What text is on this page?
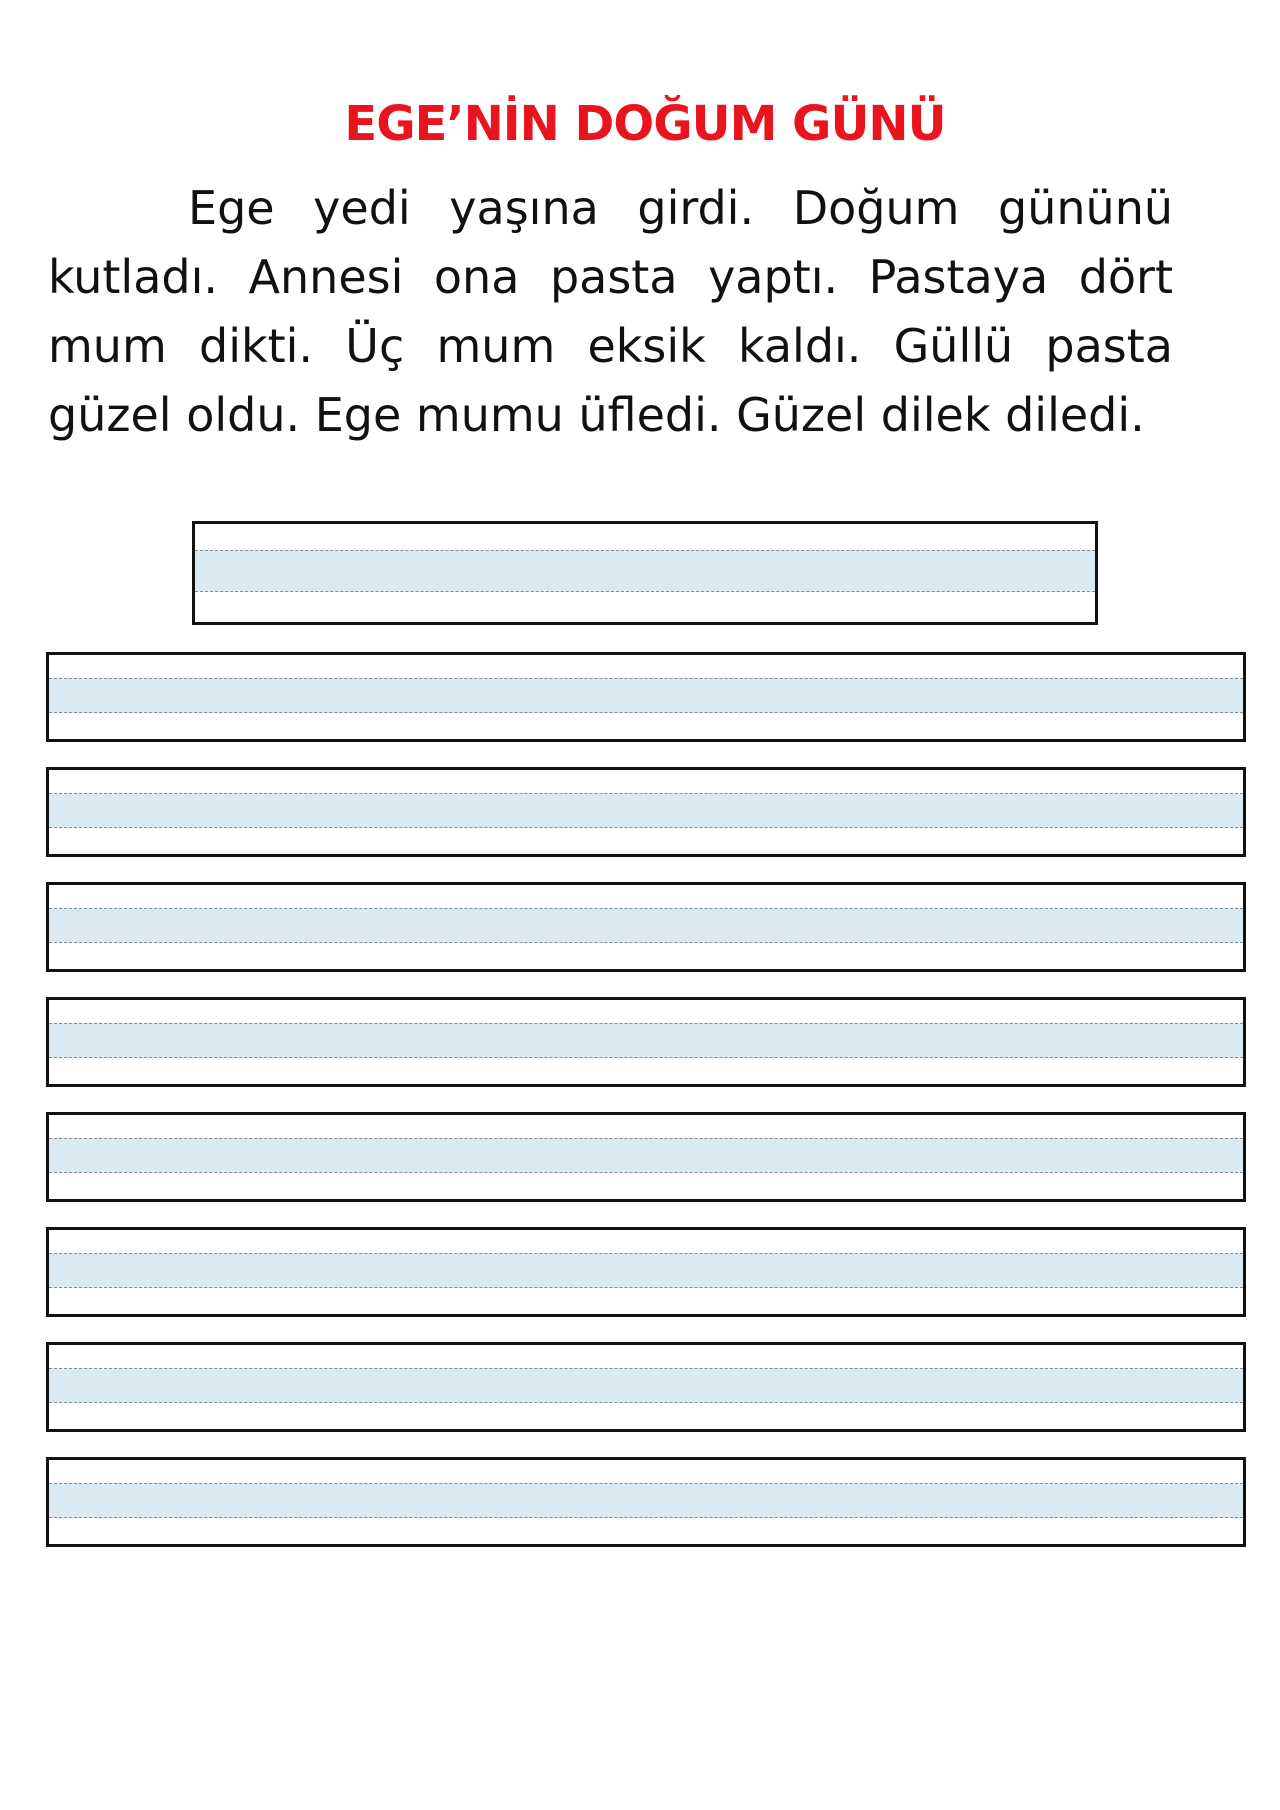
EGE’NİN DOĞUM GÜNÜ

Ege yedi yaşına girdi. Doğum gününü kutladı. Annesi ona pasta yaptı. Pastaya dört mum dikti. Üç mum eksik kaldı. Güllü pasta güzel oldu. Ege mumu üfledi. Güzel dilek diledi.
